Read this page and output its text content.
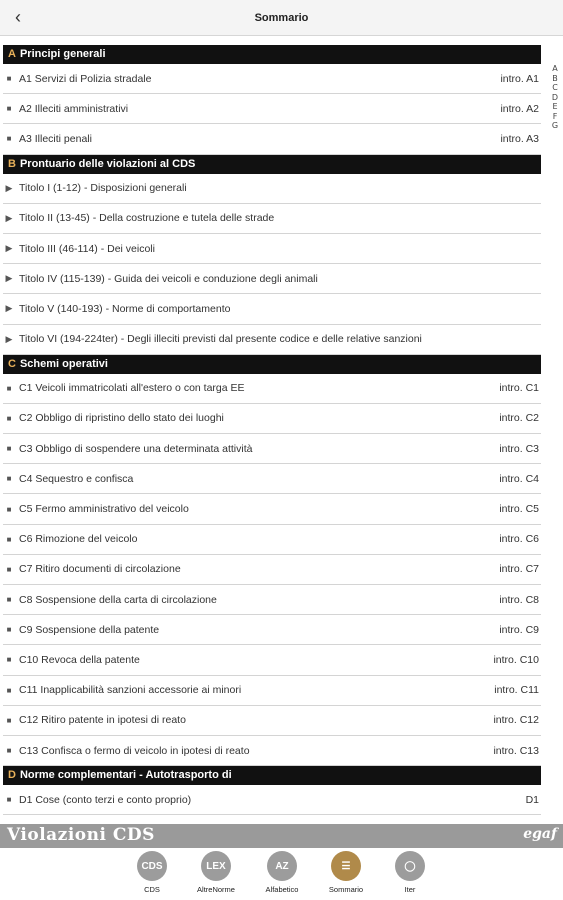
‹	Sommario
A Principi generali
■ A1 Servizi di Polizia stradale	intro. A1
■ A2 Illeciti amministrativi	intro. A2
■ A3 Illeciti penali	intro. A3
B Prontuario delle violazioni al CDS
▶ Titolo I (1-12) - Disposizioni generali
▶ Titolo II (13-45) - Della costruzione e tutela delle strade
▶ Titolo III (46-114) - Dei veicoli
▶ Titolo IV (115-139) - Guida dei veicoli e conduzione degli animali
▶ Titolo V (140-193) - Norme di comportamento
▶ Titolo VI (194-224ter) - Degli illeciti previsti dal presente codice e delle relative sanzioni
C Schemi operativi
■ C1 Veicoli immatricolati all'estero o con targa EE	intro. C1
■ C2 Obbligo di ripristino dello stato dei luoghi	intro. C2
■ C3 Obbligo di sospendere una determinata attività	intro. C3
■ C4 Sequestro e confisca	intro. C4
■ C5 Fermo amministrativo del veicolo	intro. C5
■ C6 Rimozione del veicolo	intro. C6
■ C7 Ritiro documenti di circolazione	intro. C7
■ C8 Sospensione della carta di circolazione	intro. C8
■ C9 Sospensione della patente	intro. C9
■ C10 Revoca della patente	intro. C10
■ C11 Inapplicabilità sanzioni accessorie ai minori	intro. C11
■ C12 Ritiro patente in ipotesi di reato	intro. C12
■ C13 Confisca o fermo di veicolo in ipotesi di reato	intro. C13
D Norme complementari - Autotrasporto di
■ D1 Cose (conto terzi e conto proprio)	D1
A
B
C
D
E
F
G
Violazioni CDS	egaf
CDS
CDS
LEX
AltreNorme
AZ
Alfabetico
☰
Sommario
◯
Iter
